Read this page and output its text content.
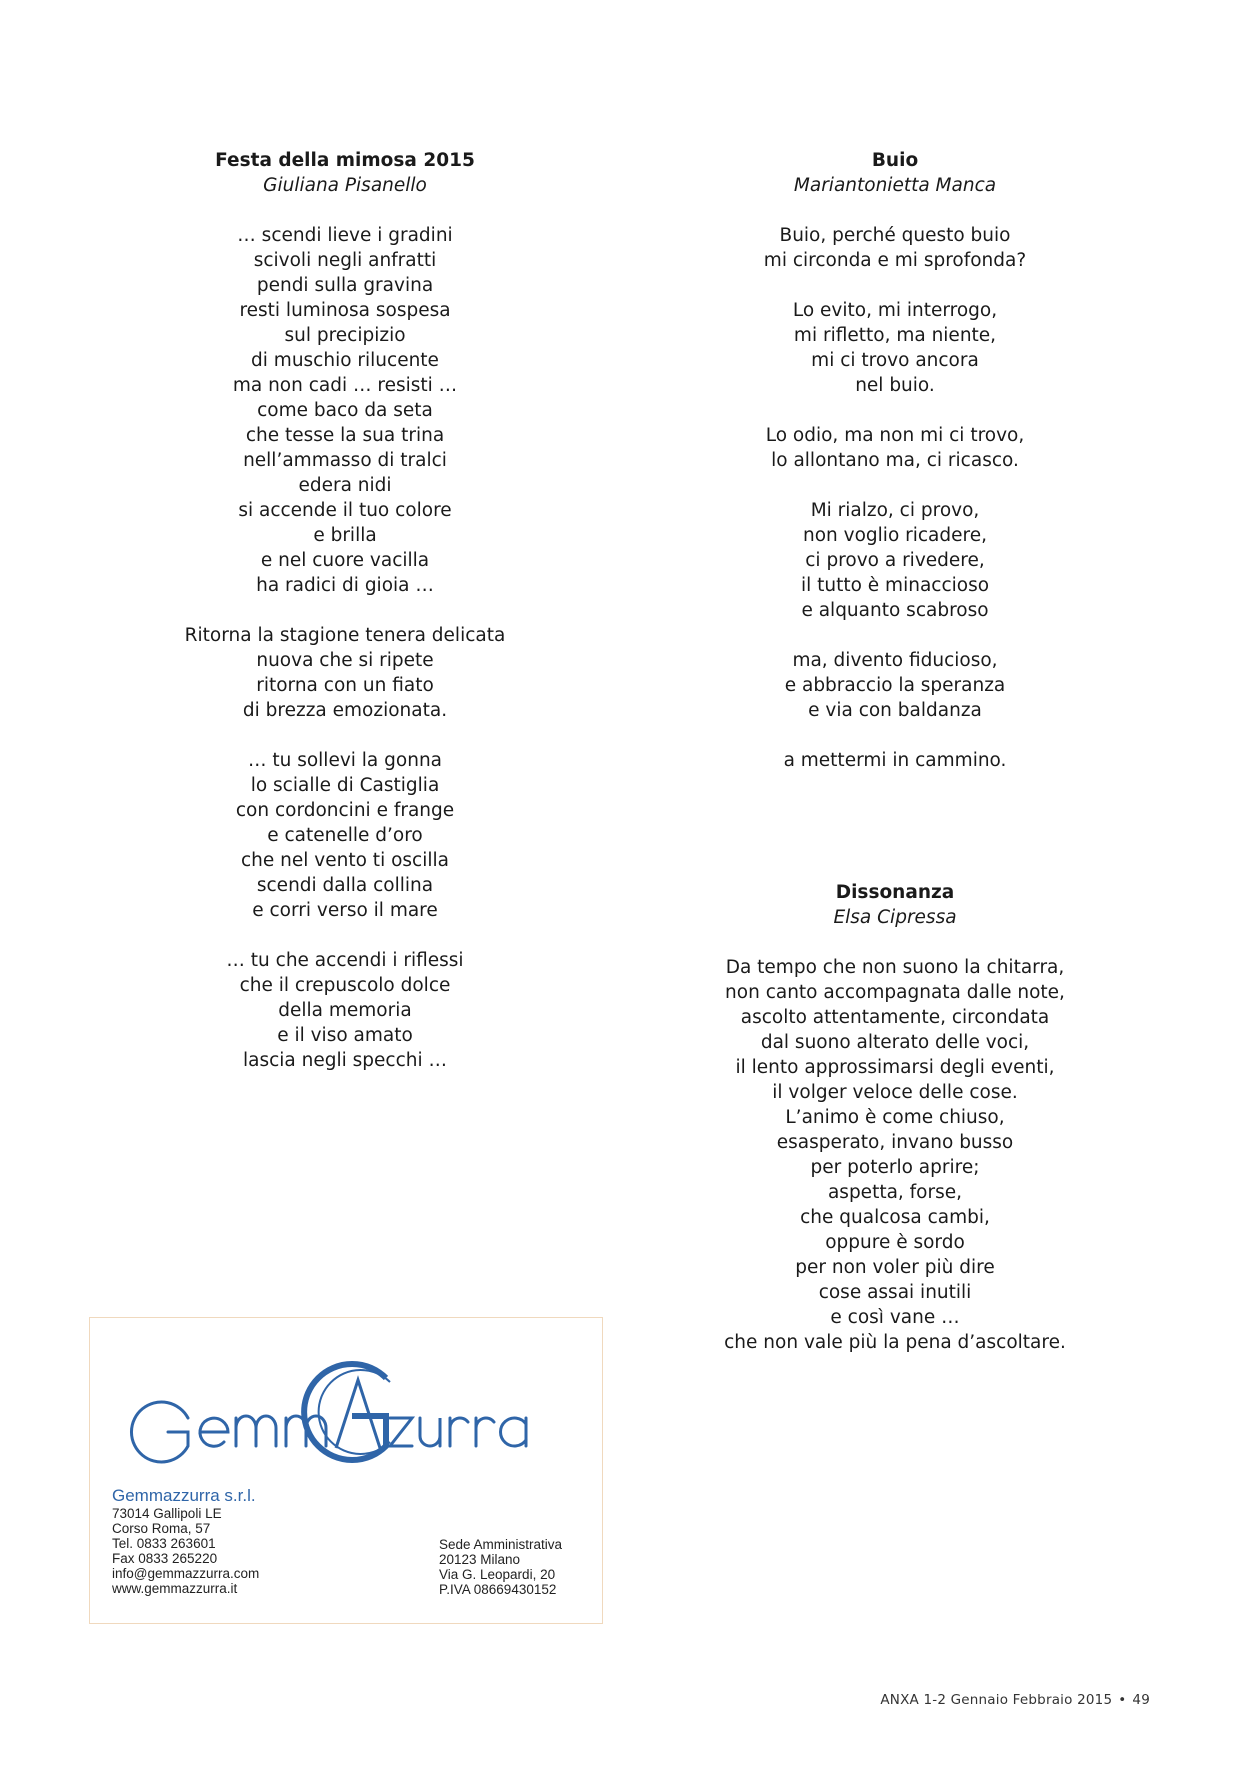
Festa della mimosa 2015
Giuliana Pisanello
… scendi lieve i gradini
scivoli negli anfratti
pendi sulla gravina
resti luminosa sospesa
sul precipizio
di muschio rilucente
ma non cadi … resisti …
come baco da seta
che tesse la sua trina
nell’ammasso di tralci
edera nidi
si accende il tuo colore
e brilla
e nel cuore vacilla
ha radici di gioia …
Ritorna la stagione tenera delicata
nuova che si ripete
ritorna con un fiato
di brezza emozionata.
… tu sollevi la gonna
lo scialle di Castiglia
con cordoncini e frange
e catenelle d’oro
che nel vento ti oscilla
scendi dalla collina
e corri verso il mare
… tu che accendi i riflessi
che il crepuscolo dolce
della memoria
e il viso amato
lascia negli specchi …
Buio
Mariantonietta Manca
Buio, perché questo buio
mi circonda e mi sprofonda?
Lo evito, mi interrogo,
mi rifletto, ma niente,
mi ci trovo ancora
nel buio.
Lo odio, ma non mi ci trovo,
lo allontano ma, ci ricasco.
Mi rialzo, ci provo,
non voglio ricadere,
ci provo a rivedere,
il tutto è minaccioso
e alquanto scabroso
ma, divento fiducioso,
e abbraccio la speranza
e via con baldanza
a mettermi in cammino.
Dissonanza
Elsa Cipressa
Da tempo che non suono la chitarra,
non canto accompagnata dalle note,
ascolto attentamente, circondata
dal suono alterato delle voci,
il lento approssimarsi degli eventi,
il volger veloce delle cose.
L’animo è come chiuso,
esasperato, invano busso
per poterlo aprire;
aspetta, forse,
che qualcosa cambi,
oppure è sordo
per non voler più dire
cose assai inutili
e così vane …
che non vale più la pena d’ascoltare.
Gemmazzurra s.r.l.
73014 Gallipoli LE
Corso Roma, 57
Tel. 0833 263601
Fax 0833 265220
info@gemmazzurra.com
www.gemmazzurra.it
Sede Amministrativa
20123 Milano
Via G. Leopardi, 20
P.IVA 08669430152
ANXA 1-2 Gennaio Febbraio 2015 • 49
